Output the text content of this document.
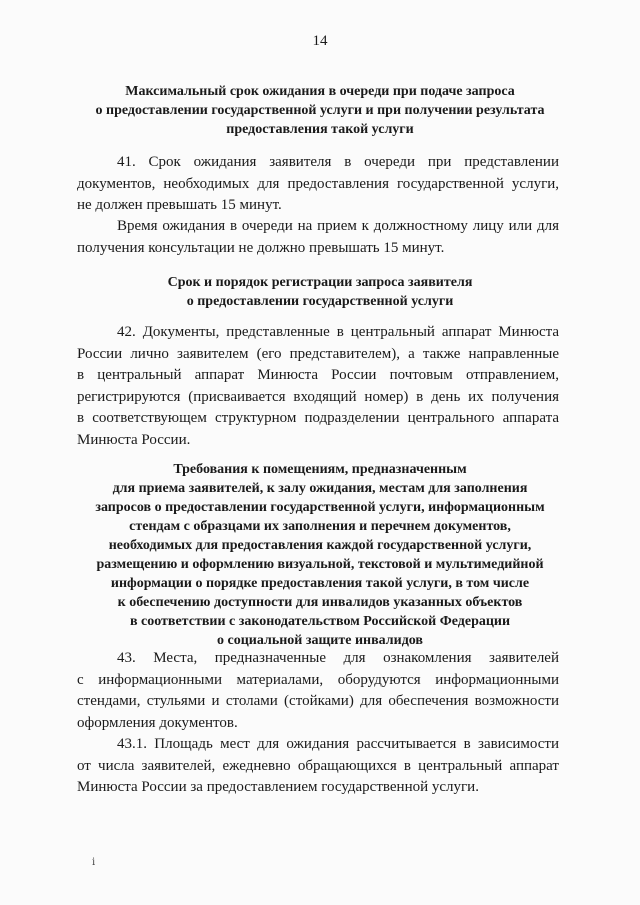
14
Максимальный срок ожидания в очереди при подаче запроса
о предоставлении государственной услуги и при получении результата
предоставления такой услуги
41. Срок ожидания заявителя в очереди при представлении
документов, необходимых для предоставления государственной услуги,
не должен превышать 15 минут.
Время ожидания в очереди на прием к должностному лицу или для
получения консультации не должно превышать 15 минут.
Срок и порядок регистрации запроса заявителя
о предоставлении государственной услуги
42. Документы, представленные в центральный аппарат Минюста
России лично заявителем (его представителем), а также направленные
в центральный аппарат Минюста России почтовым отправлением,
регистрируются (присваивается входящий номер) в день их получения
в соответствующем структурном подразделении центрального аппарата
Минюста России.
Требования к помещениям, предназначенным
для приема заявителей, к залу ожидания, местам для заполнения
запросов о предоставлении государственной услуги, информационным
стендам с образцами их заполнения и перечнем документов,
необходимых для предоставления каждой государственной услуги,
размещению и оформлению визуальной, текстовой и мультимедийной
информации о порядке предоставления такой услуги, в том числе
к обеспечению доступности для инвалидов указанных объектов
в соответствии с законодательством Российской Федерации
о социальной защите инвалидов
43. Места, предназначенные для ознакомления заявителей
с информационными материалами, оборудуются информационными
стендами, стульями и столами (стойками) для обеспечения возможности
оформления документов.
43.1. Площадь мест для ожидания рассчитывается в зависимости
от числа заявителей, ежедневно обращающихся в центральный аппарат
Минюста России за предоставлением государственной услуги.
ⅰ
